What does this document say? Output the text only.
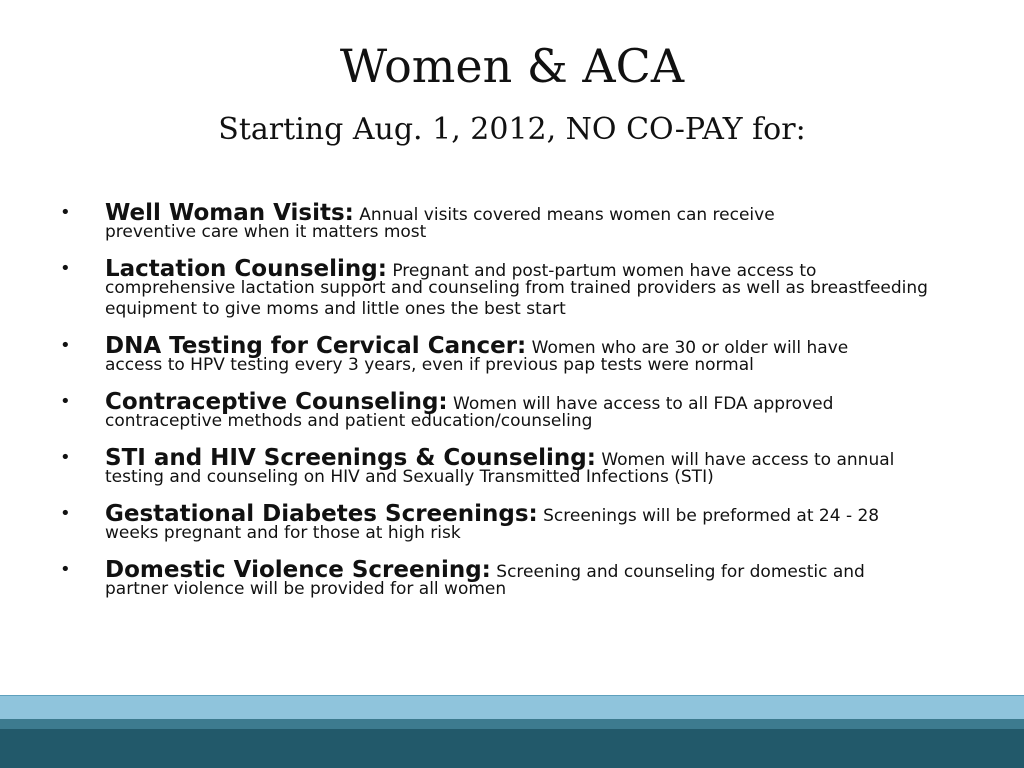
Women & ACA
Starting Aug. 1, 2012, NO CO-PAY for:
• Well Woman Visits: Annual visits covered means women can receive
preventive care when it matters most
• Lactation Counseling: Pregnant and post-partum women have access to
comprehensive lactation support and counseling from trained providers as well as breastfeeding equipment to give moms and little ones the best start
• DNA Testing for Cervical Cancer: Women who are 30 or older will have
access to HPV testing every 3 years, even if previous pap tests were normal
• Contraceptive Counseling: Women will have access to all FDA approved
contraceptive methods and patient education/counseling
• STI and HIV Screenings & Counseling: Women will have access to annual
testing and counseling on HIV and Sexually Transmitted Infections (STI)
• Gestational Diabetes Screenings: Screenings will be preformed at 24 - 28
weeks pregnant and for those at high risk
• Domestic Violence Screening: Screening and counseling for domestic and
partner violence will be provided for all women
